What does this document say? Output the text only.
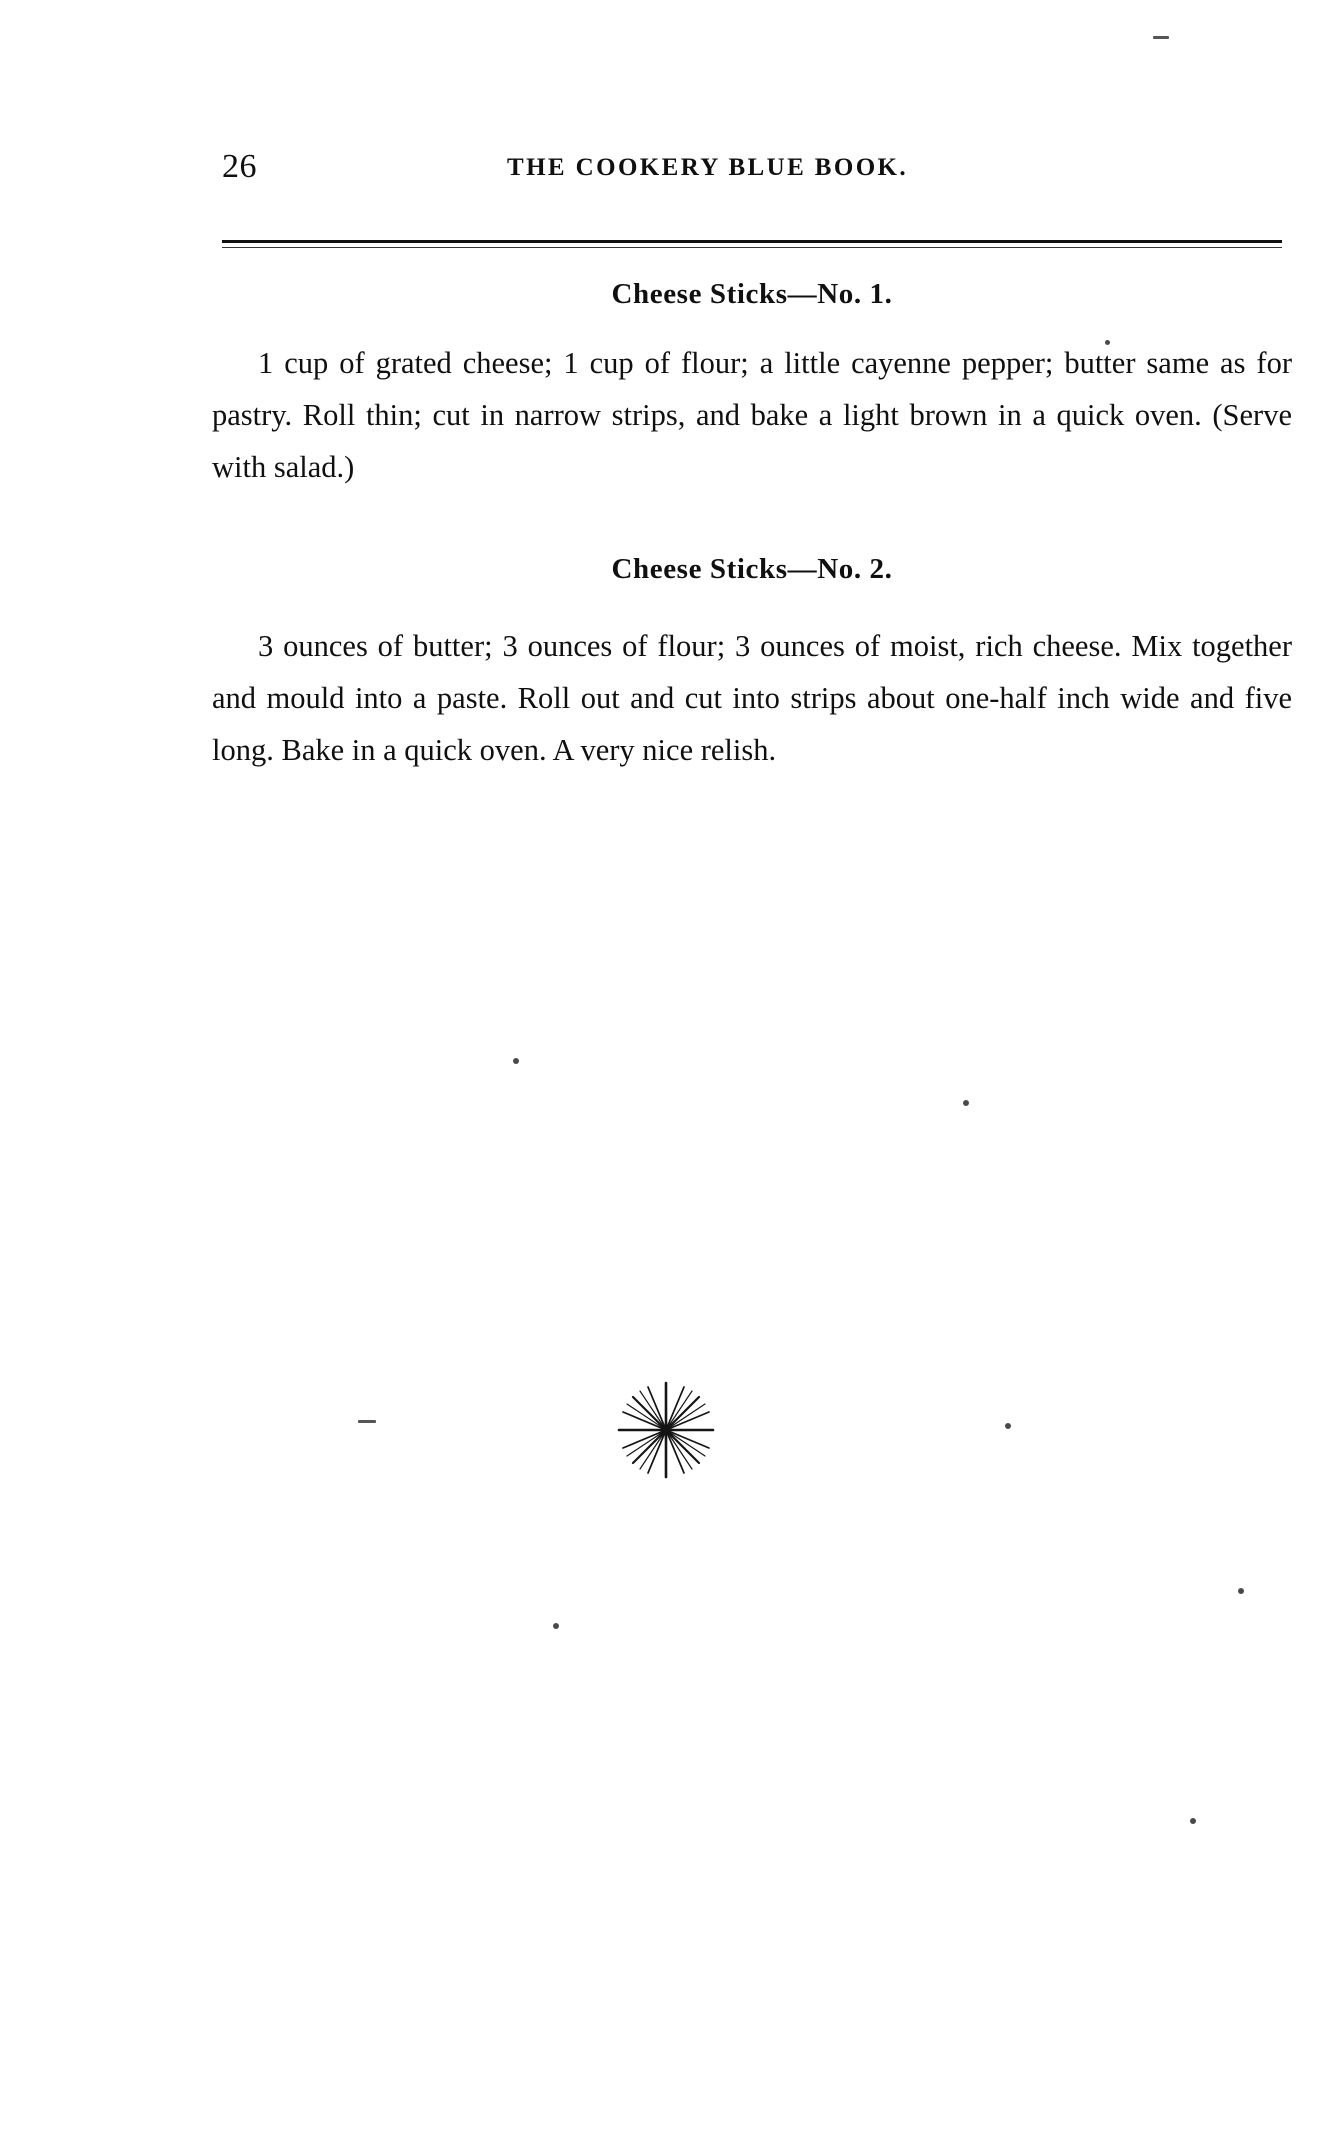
26	THE COOKERY BLUE BOOK.
Cheese Sticks—No. 1.

1 cup of grated cheese; 1 cup of flour; a little cayenne pepper; butter same as for pastry. Roll thin; cut in narrow strips, and bake a light brown in a quick oven. (Serve with salad.)

Cheese Sticks—No. 2.

3 ounces of butter; 3 ounces of flour; 3 ounces of moist, rich cheese. Mix together and mould into a paste. Roll out and cut into strips about one-half inch wide and five long. Bake in a quick oven. A very nice relish.
